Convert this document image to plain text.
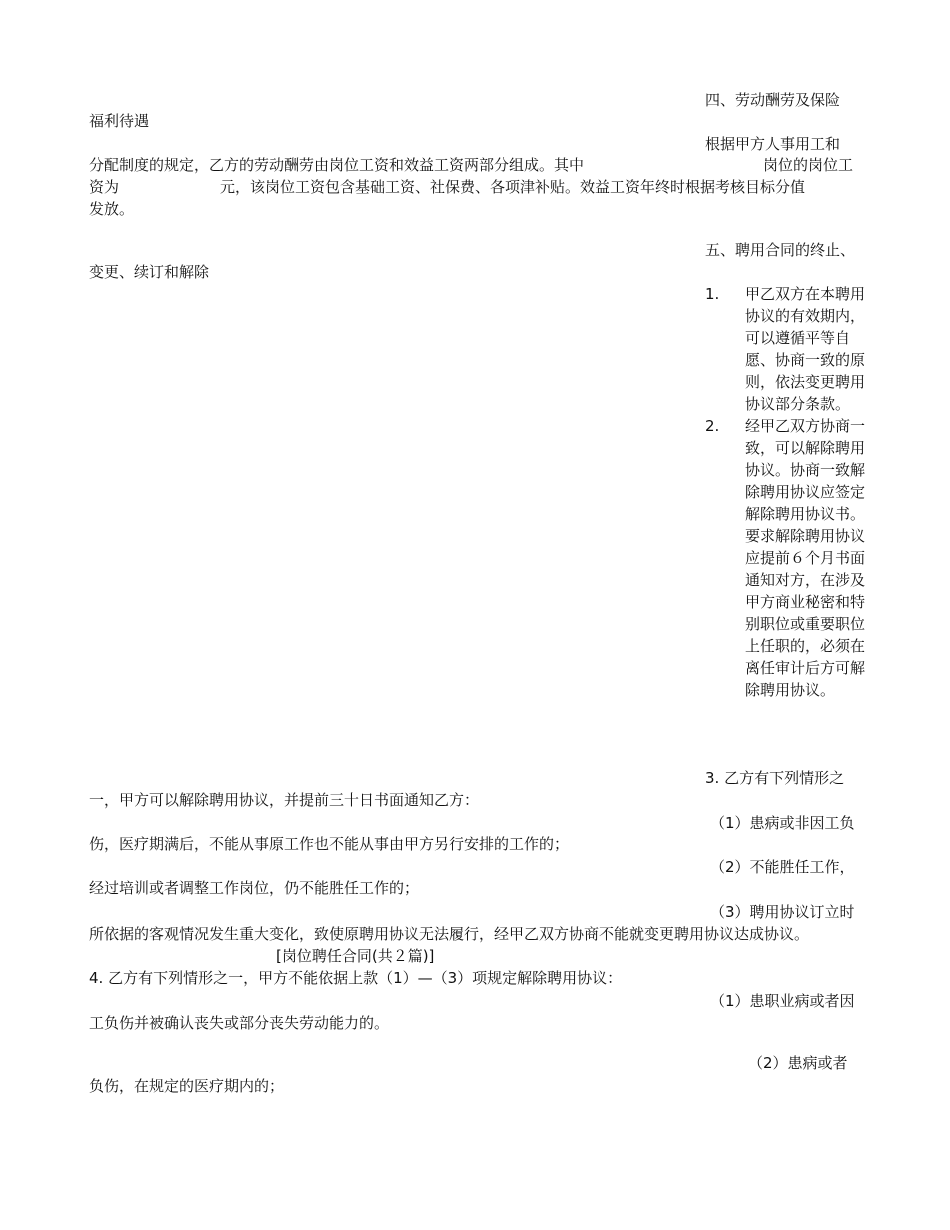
四、劳动酬劳及保险
福利待遇
根据甲方人事用工和
分配制度的规定，乙方的劳动酬劳由岗位工资和效益工资两部分组成。其中	岗位的岗位工
资为	元，该岗位工资包含基础工资、社保费、各项津补贴。效益工资年终时根据考核目标分值
发放。
五、聘用合同的终止、
变更、续订和解除
1. 甲乙双方在本聘用协议的有效期内，可以遵循平等自愿、协商一致的原则，依法变更聘用协议部分条款。
2. 经甲乙双方协商一致，可以解除聘用协议。协商一致解除聘用协议应签定解除聘用协议书。要求解除聘用协议应提前６个月书面通知对方，在涉及甲方商业秘密和特别职位或重要职位上任职的，必须在离任审计后方可解除聘用协议。
3. 乙方有下列情形之
一，甲方可以解除聘用协议，并提前三十日书面通知乙方：
（1）患病或非因工负
伤，医疗期满后，不能从事原工作也不能从事由甲方另行安排的工作的；
（2）不能胜任工作，
经过培训或者调整工作岗位，仍不能胜任工作的；
（3）聘用协议订立时
所依据的客观情况发生重大变化，致使原聘用协议无法履行，经甲乙双方协商不能就变更聘用协议达成协议。
[岗位聘任合同(共２篇)]
4. 乙方有下列情形之一，甲方不能依据上款（1）—（3）项规定解除聘用协议：
（1）患职业病或者因
工负伤并被确认丧失或部分丧失劳动能力的。
（2）患病或者
负伤，在规定的医疗期内的；
